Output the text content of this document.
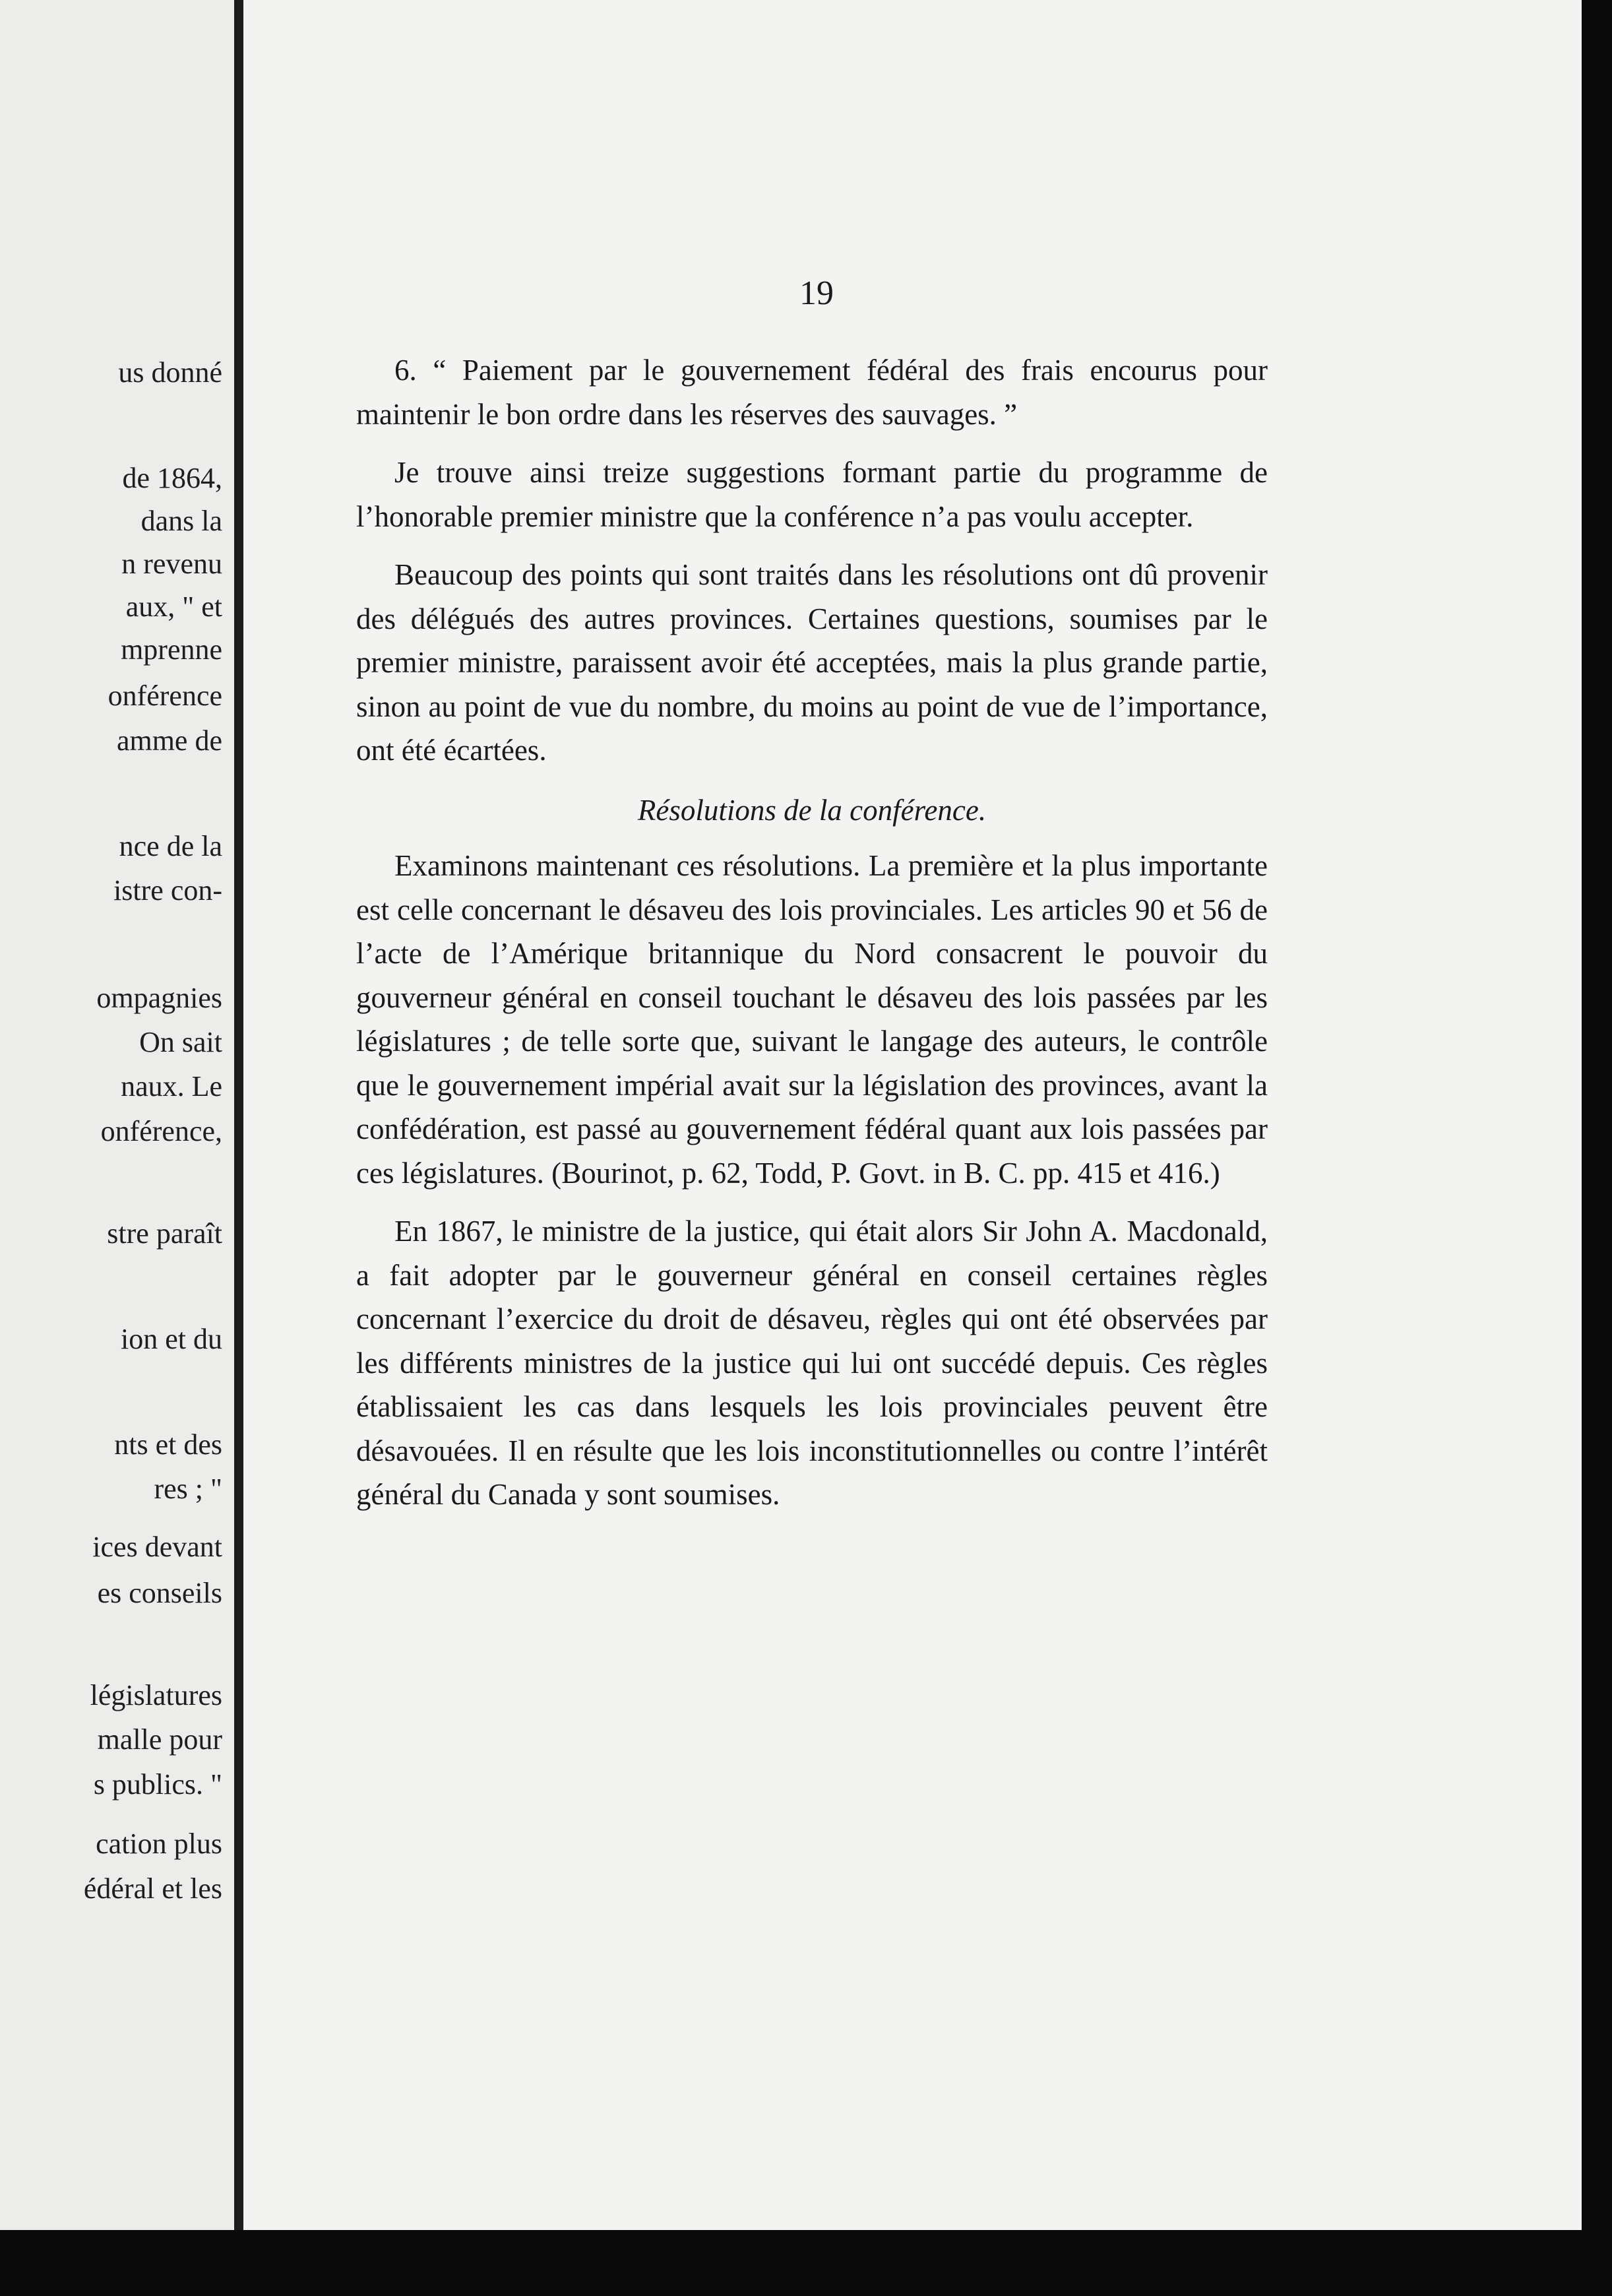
us donné
de 1864,
dans la
n revenu
aux, " et
mprenne
onférence
amme de
nce de la
istre con-
ompagnies
On sait
naux. Le
onférence,
stre paraît
ion et du
nts et des
res ; "
ices devant
es conseils
législatures
malle pour
s publics. "
cation plus
édéral et les
19

6. “ Paiement par le gouvernement fédéral des frais encourus pour maintenir le bon ordre dans les réserves des sauvages. ”

Je trouve ainsi treize suggestions formant partie du programme de l’honorable premier ministre que la conférence n’a pas voulu accepter.

Beaucoup des points qui sont traités dans les résolutions ont dû provenir des délégués des autres provinces. Certaines questions, soumises par le premier ministre, paraissent avoir été acceptées, mais la plus grande partie, sinon au point de vue du nombre, du moins au point de vue de l’importance, ont été écartées.

Résolutions de la conférence.

Examinons maintenant ces résolutions. La première et la plus importante est celle concernant le désaveu des lois provinciales. Les articles 90 et 56 de l’acte de l’Amérique britannique du Nord consacrent le pouvoir du gouverneur général en conseil touchant le désaveu des lois passées par les législatures ; de telle sorte que, suivant le langage des auteurs, le contrôle que le gouvernement impérial avait sur la législation des provinces, avant la confédération, est passé au gouvernement fédéral quant aux lois passées par ces législatures. (Bourinot, p. 62, Todd, P. Govt. in B. C. pp. 415 et 416.)

En 1867, le ministre de la justice, qui était alors Sir John A. Macdonald, a fait adopter par le gouverneur général en conseil certaines règles concernant l’exercice du droit de désaveu, règles qui ont été observées par les différents ministres de la justice qui lui ont succédé depuis. Ces règles établissaient les cas dans lesquels les lois provinciales peuvent être désavouées. Il en résulte que les lois inconstitutionnelles ou contre l’intérêt général du Canada y sont soumises.
